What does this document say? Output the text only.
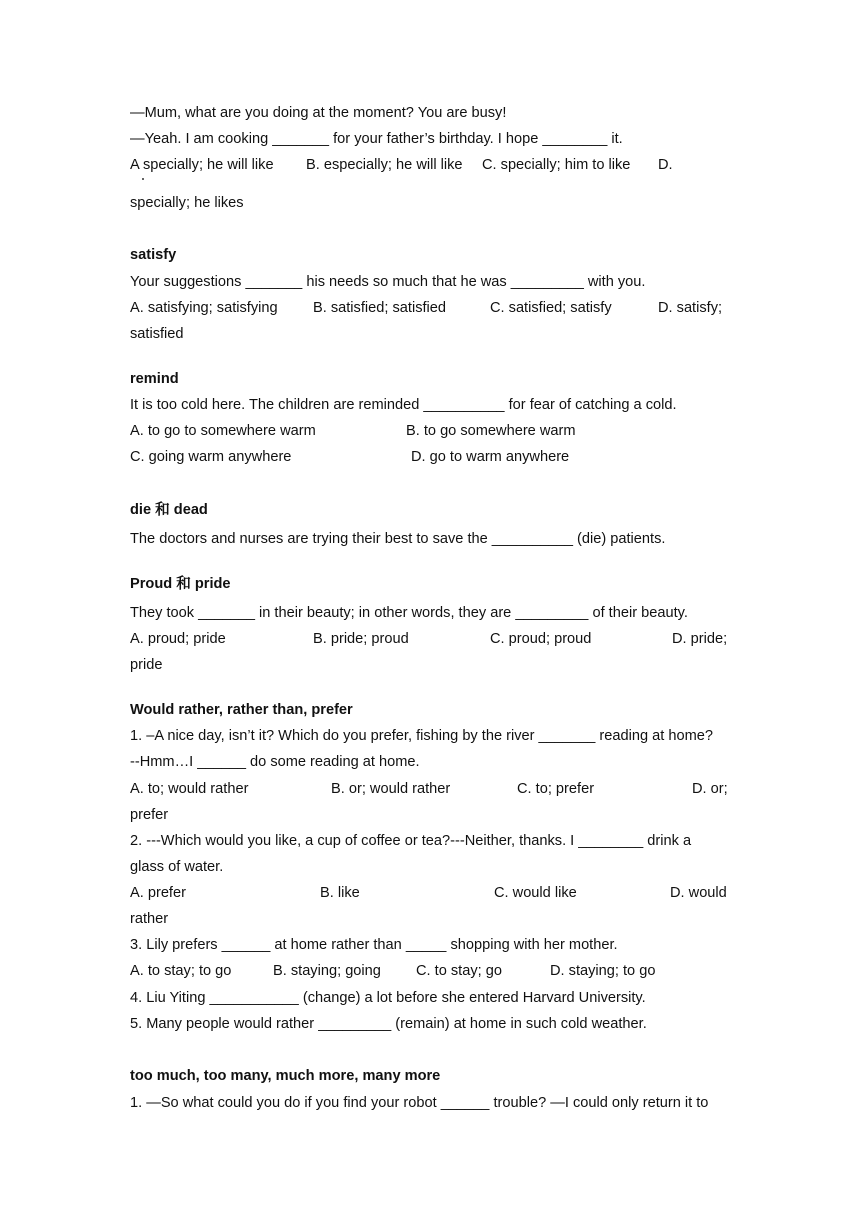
—Mum, what are you doing at the moment? You are busy!
—Yeah. I am cooking _______ for your father’s birthday. I hope ________ it.
A specially; he will like B. especially; he will like C. specially; him to like D.
specially; he likes
satisfy
Your suggestions _______ his needs so much that he was _________ with you.
A. satisfying; satisfying B. satisfied; satisfied	C. satisfied; satisfy	D. satisfy;
satisfied
remind
It is too cold here. The children are reminded __________ for fear of catching a cold.
A. to go to somewhere warm	B. to go somewhere warm
C. going warm anywhere	D. go to warm anywhere
die 和 dead
The doctors and nurses are trying their best to save the __________ (die) patients.
Proud 和 pride
They took _______ in their beauty; in other words, they are _________ of their beauty.
A. proud; pride	B. pride; proud	C. proud; proud	D. pride;
pride
Would rather, rather than, prefer
1. –A nice day, isn’t it? Which do you prefer, fishing by the river _______ reading at home?
--Hmm…I ______ do some reading at home.
A. to; would rather	B. or; would rather	C. to; prefer	D. or;
prefer
2. ---Which would you like, a cup of coffee or tea?---Neither, thanks. I ________ drink a
glass of water.
A. prefer	B. like	C. would like	D. would
rather
3. Lily prefers ______ at home rather than _____ shopping with her mother.
A. to stay; to go	B. staying; going C. to stay; go	D. staying; to go
4. Liu Yiting ___________ (change) a lot before she entered Harvard University.
5. Many people would rather _________ (remain) at home in such cold weather.
too much, too many, much more, many more
1. —So what could you do if you find your robot ______ trouble? —I could only return it to
